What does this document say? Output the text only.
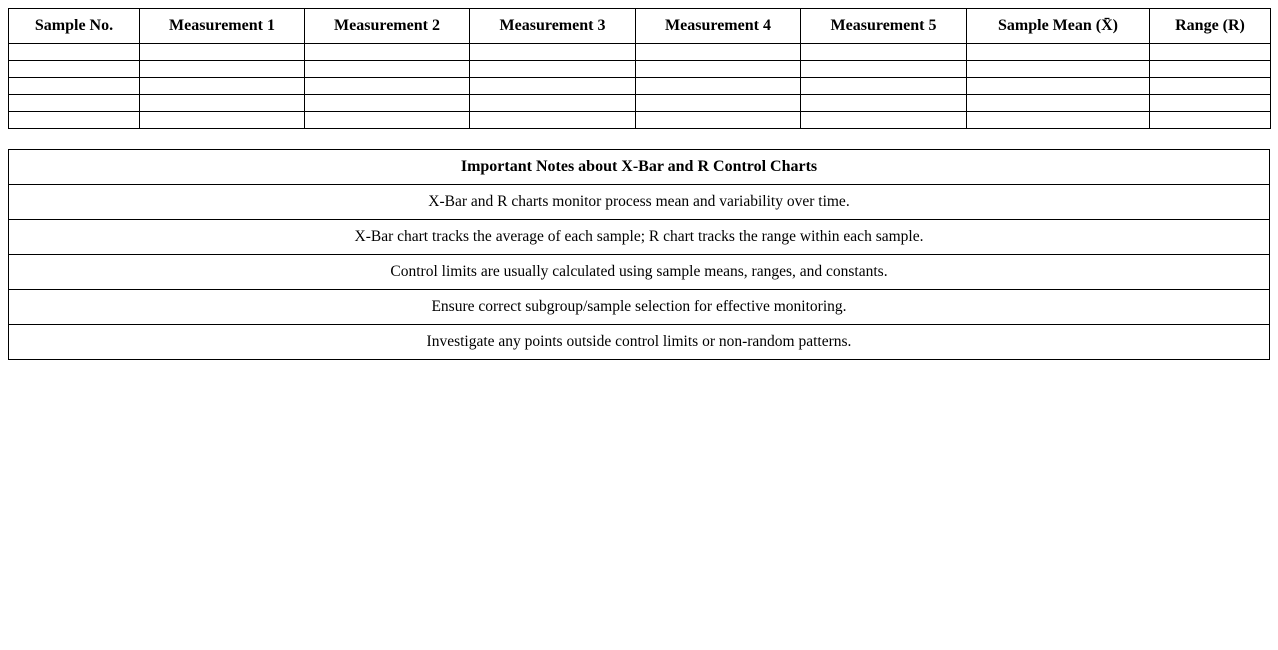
Sample No.	Measurement 1	Measurement 2	Measurement 3	Measurement 4	Measurement 5	Sample Mean (X̄)	Range (R)

Important Notes about X-Bar and R Control Charts
X-Bar and R charts monitor process mean and variability over time.
X-Bar chart tracks the average of each sample; R chart tracks the range within each sample.
Control limits are usually calculated using sample means, ranges, and constants.
Ensure correct subgroup/sample selection for effective monitoring.
Investigate any points outside control limits or non-random patterns.
